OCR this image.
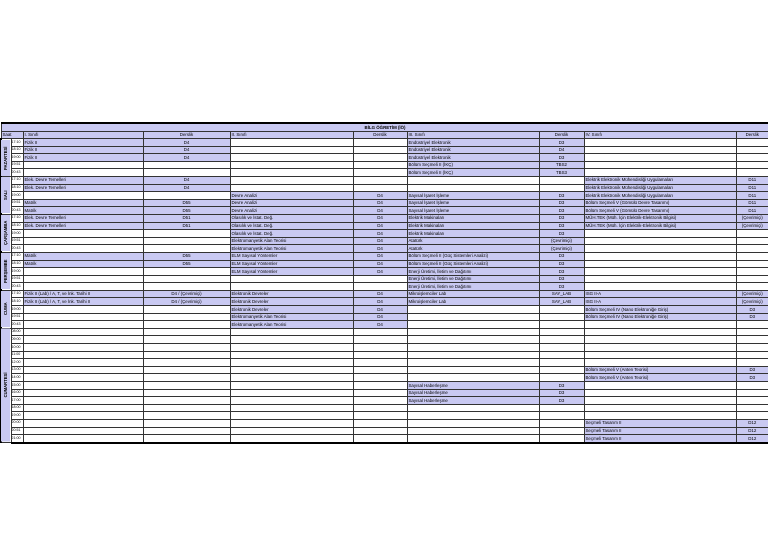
BİLG ÖĞRETİM (İÖ)									
Saat		I. Sınıfı	Derslik	II. Sınıfı	Derslik	III. Sınıfı	Derslik	IV. Sınıfı	Derslik
PAZARTESİ	17:10	Fizik II	D4			Endüstriyel Elektronik	D3		
	18:10	Fizik II	D4			Endüstriyel Elektronik	D4		
	19:00	Fizik II	D4			Endüstriyel Elektronik	D3		
	19:51					Bölüm Seçmeli II (İKÇ)	TBS2		
	20:43					Bölüm Seçmeli II (İKÇ)	TBS3		
SALI	17:10	Elek. Devre Temelleri	D4					Elektrik Elektronik Mühendisliği Uygulamaları	D11
	18:10	Elek. Devre Temelleri	D4					Elektrik Elektronik Mühendisliği Uygulamaları	D11
	19:00			Devre Analizi	D4	Sayısal İşaret İşleme	D3	Elektrik Elektronik Mühendisliği Uygulamaları	D11
	19:51	Matrik	D55	Devre Analizi	D4	Sayısal İşaret İşleme	D3	Bölüm Seçmeli V (Gömülü Devre Tasarımı)	D11
	20:43	Matrik	D55	Devre Analizi	D4	Sayısal İşaret İşleme	D3	Bölüm Seçmeli V (Gömülü Devre Tasarımı)	D11
ÇARŞAMBA	17:10	Elek. Devre Temelleri	D51	Olasılık ve İstat. Değ.	D4	Elektrik Makinaları	D3	MÜH.TEK (Müh. İçin Elektrik-Elektronik Bilgisi)	(Çevrimiçi)
	18:10	Elek. Devre Temelleri	D51	Olasılık ve İstat. Değ.	D4	Elektrik Makinaları	D3	MÜH.TEK (Müh. İçin Elektrik-Elektronik Bilgisi)	(Çevrimiçi)
	19:00			Olasılık ve İstat. Değ.	D4	Elektrik Makinaları	D3		
	19:51			Elektromanyetik Alan Teorisi	D4	Atatürk	(Çevrimiçi)		
	20:43			Elektromanyetik Alan Teorisi	D4	Atatürk	(Çevrimiçi)		
PERŞEMBE	17:10	Matrik	D55	ELM Sayısal Yöntemler	D4	Bölüm Seçmeli II (Güç Sistemleri Analizi)	D3		
	18:10	Matrik	D55	ELM Sayısal Yöntemler	D4	Bölüm Seçmeli II (Güç Sistemleri Analizi)	D3		
	19:00			ELM Sayısal Yöntemler	D4	Enerji Üretimi, İletim ve Dağıtımı	D3		
	19:51					Enerji Üretimi, İletim ve Dağıtımı	D3		
	20:43					Enerji Üretimi, İletim ve Dağıtımı	D3		
CUMA	17:10	Fizik II (Lab) / A, T, ve İnk. Tarihi II	D4 / (Çevrimiçi)	Elektronik Devreler	D4	Mikroişlemciler Lab	SAY_LAB	ISG II-A	(Çevrimiçi)
	18:10	Fizik II (Lab) / A, T, ve İnk. Tarihi II	D4 / (Çevrimiçi)	Elektronik Devreler	D4	Mikroişlemciler Lab	SAY_LAB	ISG II-A	(Çevrimiçi)
	19:00			Elektronik Devreler	D4			Bölüm Seçmeli IV (Nano Elektroniğe Giriş)	D3
	19:51			Elektromanyetik Alan Teorisi	D4			Bölüm Seçmeli IV (Nano Elektroniğe Giriş)	D3
	20:43			Elektromanyetik Alan Teorisi	D4				
CUMARTESİ	08:00								
	09:00								
	10:00								
	11:00								
	12:00								
	13:00							Bölüm Seçmeli V (Anten Teorisi)	D3
	14:00							Bölüm Seçmeli V (Anten Teorisi)	D3
	15:00					Sayısal Haberleşme	D3		
	16:00					Sayısal Haberleşme	D3		
	17:00					Sayısal Haberleşme	D3		
	18:00								
	19:00								
	20:00							Seçmeli Tasarım II	D12
	20:51							Seçmeli Tasarım II	D12
	21:00							Seçmeli Tasarım II	D12
